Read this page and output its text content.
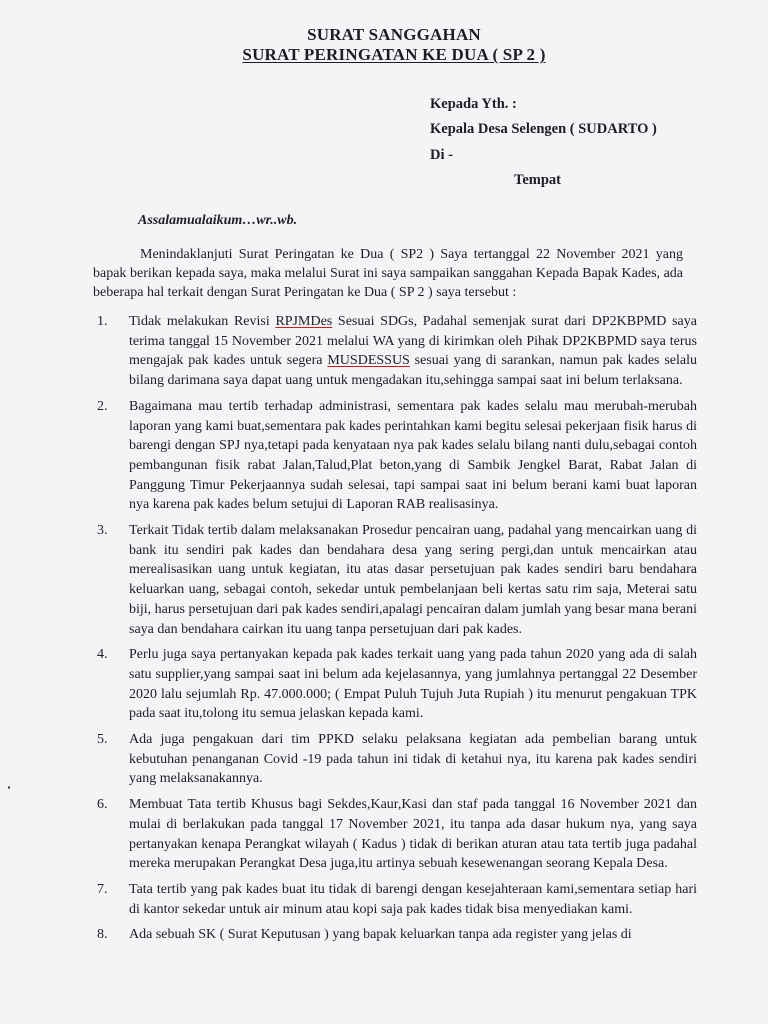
SURAT SANGGAHAN
SURAT PERINGATAN KE DUA ( SP 2 )
Kepada Yth. :
Kepala Desa Selengen ( SUDARTO )
Di -
Tempat
Assalamualaikum…wr..wb.
Menindaklanjuti Surat Peringatan ke Dua ( SP2 ) Saya tertanggal 22 November 2021 yang bapak berikan kepada saya, maka melalui Surat ini saya sampaikan sanggahan Kepada Bapak Kades, ada beberapa hal terkait dengan Surat Peringatan ke Dua ( SP 2 ) saya tersebut :
1. Tidak melakukan Revisi RPJMDes Sesuai SDGs, Padahal semenjak surat dari DP2KBPMD saya terima tanggal 15 November 2021 melalui WA yang di kirimkan oleh Pihak DP2KBPMD saya terus mengajak pak kades untuk segera MUSDESSUS sesuai yang di sarankan, namun pak kades selalu bilang darimana saya dapat uang untuk mengadakan itu,sehingga sampai saat ini belum terlaksana.
2. Bagaimana mau tertib terhadap administrasi, sementara pak kades selalu mau merubah-merubah laporan yang kami buat,sementara pak kades perintahkan kami begitu selesai pekerjaan fisik harus di barengi dengan SPJ nya,tetapi pada kenyataan nya pak kades selalu bilang nanti dulu,sebagai contoh pembangunan fisik rabat Jalan,Talud,Plat beton,yang di Sambik Jengkel Barat, Rabat Jalan di Panggung Timur Pekerjaannya sudah selesai, tapi sampai saat ini belum berani kami buat laporan nya karena pak kades belum setujui di Laporan RAB realisasinya.
3. Terkait Tidak tertib dalam melaksanakan Prosedur pencairan uang, padahal yang mencairkan uang di bank itu sendiri pak kades dan bendahara desa yang sering pergi,dan untuk mencairkan atau merealisasikan uang untuk kegiatan, itu atas dasar persetujuan pak kades sendiri baru bendahara keluarkan uang, sebagai contoh, sekedar untuk pembelanjaan beli kertas satu rim saja, Meterai satu biji, harus persetujuan dari pak kades sendiri,apalagi pencairan dalam jumlah yang besar mana berani saya dan bendahara cairkan itu uang tanpa persetujuan dari pak kades.
4. Perlu juga saya pertanyakan kepada pak kades terkait uang yang pada tahun 2020 yang ada di salah satu supplier,yang sampai saat ini belum ada kejelasannya, yang jumlahnya pertanggal 22 Desember 2020 lalu sejumlah Rp. 47.000.000; ( Empat Puluh Tujuh Juta Rupiah ) itu menurut pengakuan TPK pada saat itu,tolong itu semua jelaskan kepada kami.
5. Ada juga pengakuan dari tim PPKD selaku pelaksana kegiatan ada pembelian barang untuk kebutuhan penanganan Covid -19 pada tahun ini tidak di ketahui nya, itu karena pak kades sendiri yang melaksanakannya.
6. Membuat Tata tertib Khusus bagi Sekdes,Kaur,Kasi dan staf pada tanggal 16 November 2021 dan mulai di berlakukan pada tanggal 17 November 2021, itu tanpa ada dasar hukum nya, yang saya pertanyakan kenapa Perangkat wilayah ( Kadus ) tidak di berikan aturan atau tata tertib juga padahal mereka merupakan Perangkat Desa juga,itu artinya sebuah kesewenangan seorang Kepala Desa.
7. Tata tertib yang pak kades buat itu tidak di barengi dengan kesejahteraan kami,sementara setiap hari di kantor sekedar untuk air minum atau kopi saja pak kades tidak bisa menyediakan kami.
8. Ada sebuah SK ( Surat Keputusan ) yang bapak keluarkan tanpa ada register yang jelas di
